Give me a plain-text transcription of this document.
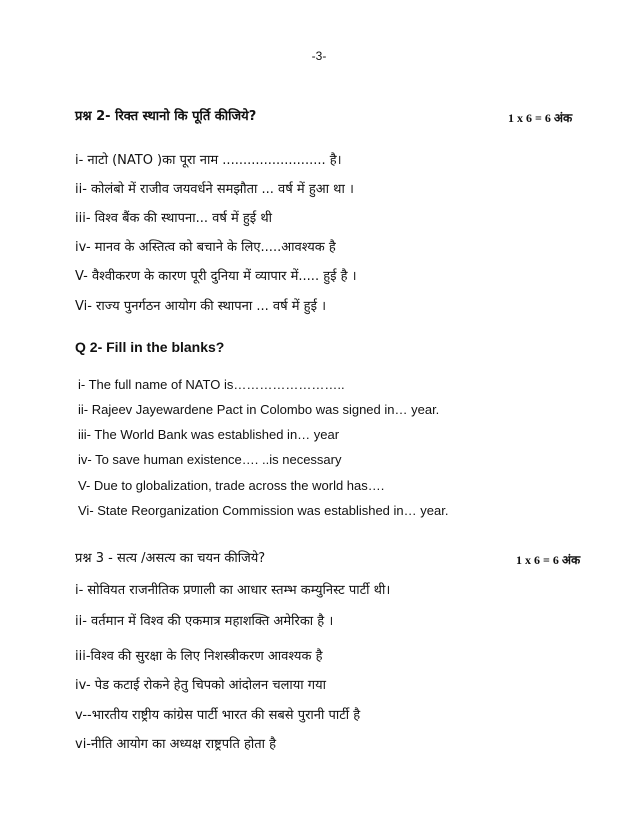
-3-
प्रश्न 2- रिक्त स्थानो कि पूर्ति कीजिये?	1 x 6 = 6 अंक
i- नाटो (NATO )का पूरा नाम ......................... है।
ii- कोलंबो में राजीव जयवर्धने समझौता ... वर्ष में हुआ था ।
iii- विश्व बैंक की स्थापना... वर्ष में हुई थी
iv- मानव के अस्तित्व को बचाने के लिए.....आवश्यक है
V- वैश्वीकरण के कारण पूरी दुनिया में व्यापार में..... हुई है ।
Vi- राज्य पुनर्गठन आयोग की स्थापना ... वर्ष में हुई ।
Q 2- Fill in the blanks?
i- The full name of NATO is……………………..
ii- Rajeev Jayewardene Pact in Colombo was signed in… year.
iii- The World Bank was established in… year
iv- To save human existence…. ..is necessary
V- Due to globalization, trade across the world has….
Vi- State Reorganization Commission was established in… year.
प्रश्न 3 - सत्य /असत्य का चयन कीजिये?	1 x 6 = 6 अंक
i- सोवियत राजनीतिक प्रणाली का आधार स्तम्भ कम्युनिस्ट पार्टी थी।
ii- वर्तमान में विश्व की एकमात्र महाशक्ति अमेरिका है ।
iii-विश्व की सुरक्षा के लिए निशस्त्रीकरण आवश्यक है
iv- पेड कटाई रोकने हेतु चिपको आंदोलन चलाया गया
v--भारतीय राष्ट्रीय कांग्रेस पार्टी भारत की सबसे पुरानी पार्टी है
vi-नीति आयोग का अध्यक्ष राष्ट्रपति होता है
